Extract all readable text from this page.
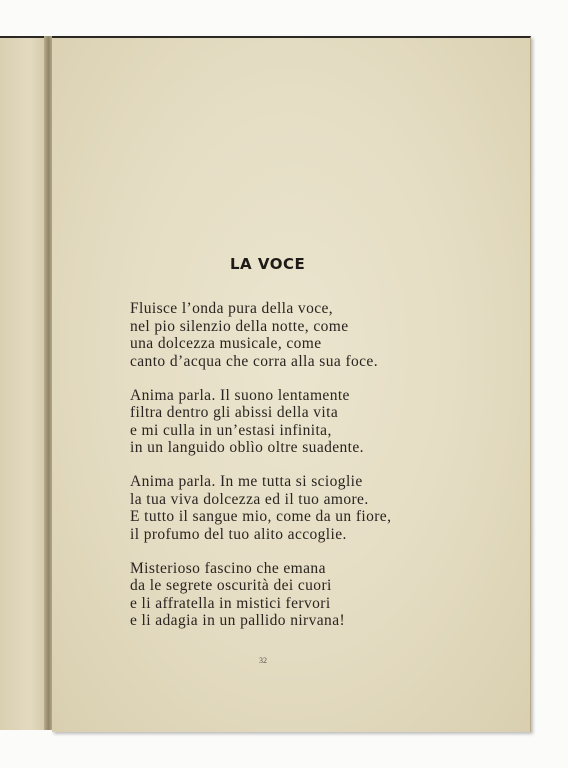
LA VOCE
Fluisce l’onda pura della voce,
nel pio silenzio della notte, come
una dolcezza musicale, come
canto d’acqua che corra alla sua foce.
Anima parla. Il suono lentamente
filtra dentro gli abissi della vita
e mi culla in un’estasi infinita,
in un languido oblìo oltre suadente.
Anima parla. In me tutta si scioglie
la tua viva dolcezza ed il tuo amore.
E tutto il sangue mio, come da un fiore,
il profumo del tuo alito accoglie.
Misterioso fascino che emana
da le segrete oscurità dei cuori
e li affratella in mistici fervori
e li adagia in un pallido nirvana!
32
